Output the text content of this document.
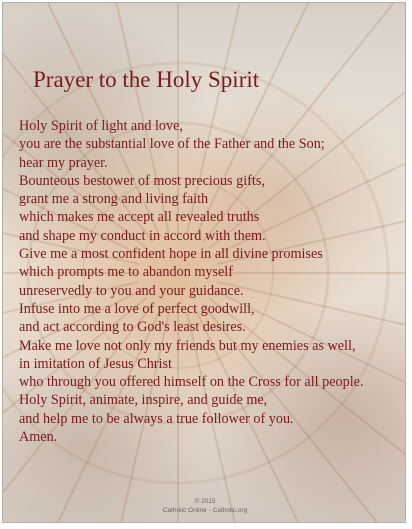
Prayer to the Holy Spirit
Holy Spirit of light and love,
you are the substantial love of the Father and the Son;
hear my prayer.
Bounteous bestower of most precious gifts,
grant me a strong and living faith
which makes me accept all revealed truths
and shape my conduct in accord with them.
Give me a most confident hope in all divine promises
which prompts me to abandon myself
unreservedly to you and your guidance.
Infuse into me a love of perfect goodwill,
and act according to God's least desires.
Make me love not only my friends but my enemies as well,
in imitation of Jesus Christ
who through you offered himself on the Cross for all people.
Holy Spirit, animate, inspire, and guide me,
and help me to be always a true follower of you.
Amen.
© 2015
Catholic Online - Catholic.org
